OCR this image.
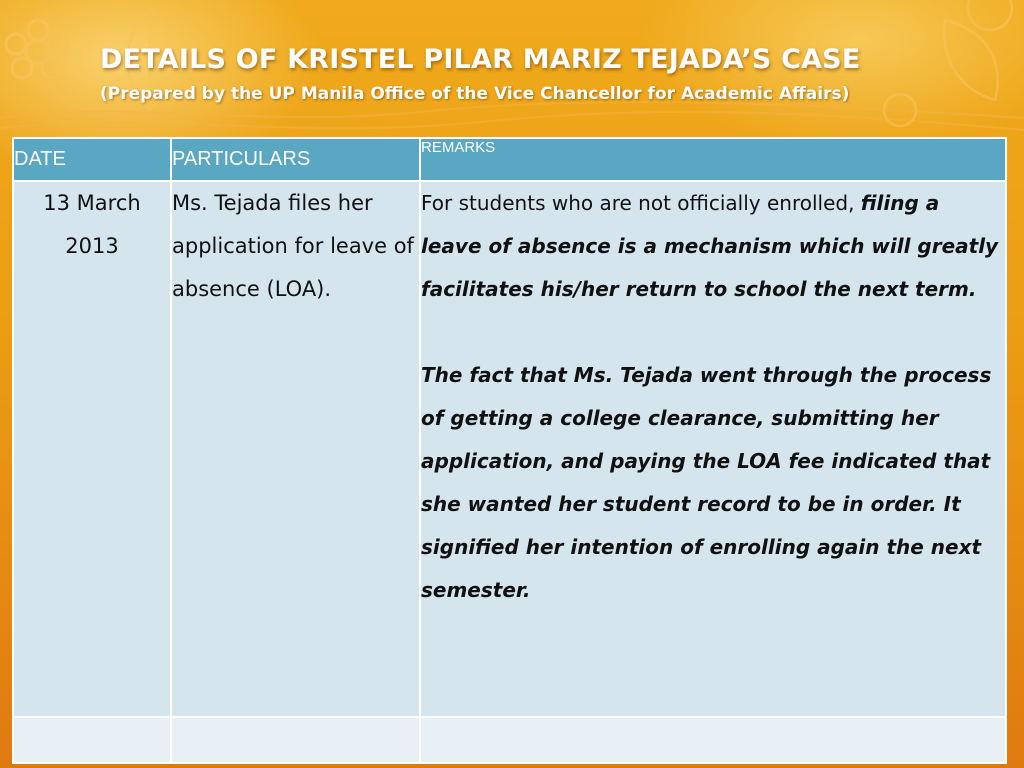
DETAILS OF KRISTEL PILAR MARIZ TEJADA’S CASE
(Prepared by the UP Manila Office of the Vice Chancellor for Academic Affairs)
DATE	PARTICULARS	REMARKS
13 March 2013	Ms. Tejada files her application for leave of absence (LOA).	For students who are not officially enrolled, filing a leave of absence is a mechanism which will greatly facilitates his/her return to school the next term.

The fact that Ms. Tejada went through the process of getting a college clearance, submitting her application, and paying the LOA fee indicated that she wanted her student record to be in order. It signified her intention of enrolling again the next semester.
